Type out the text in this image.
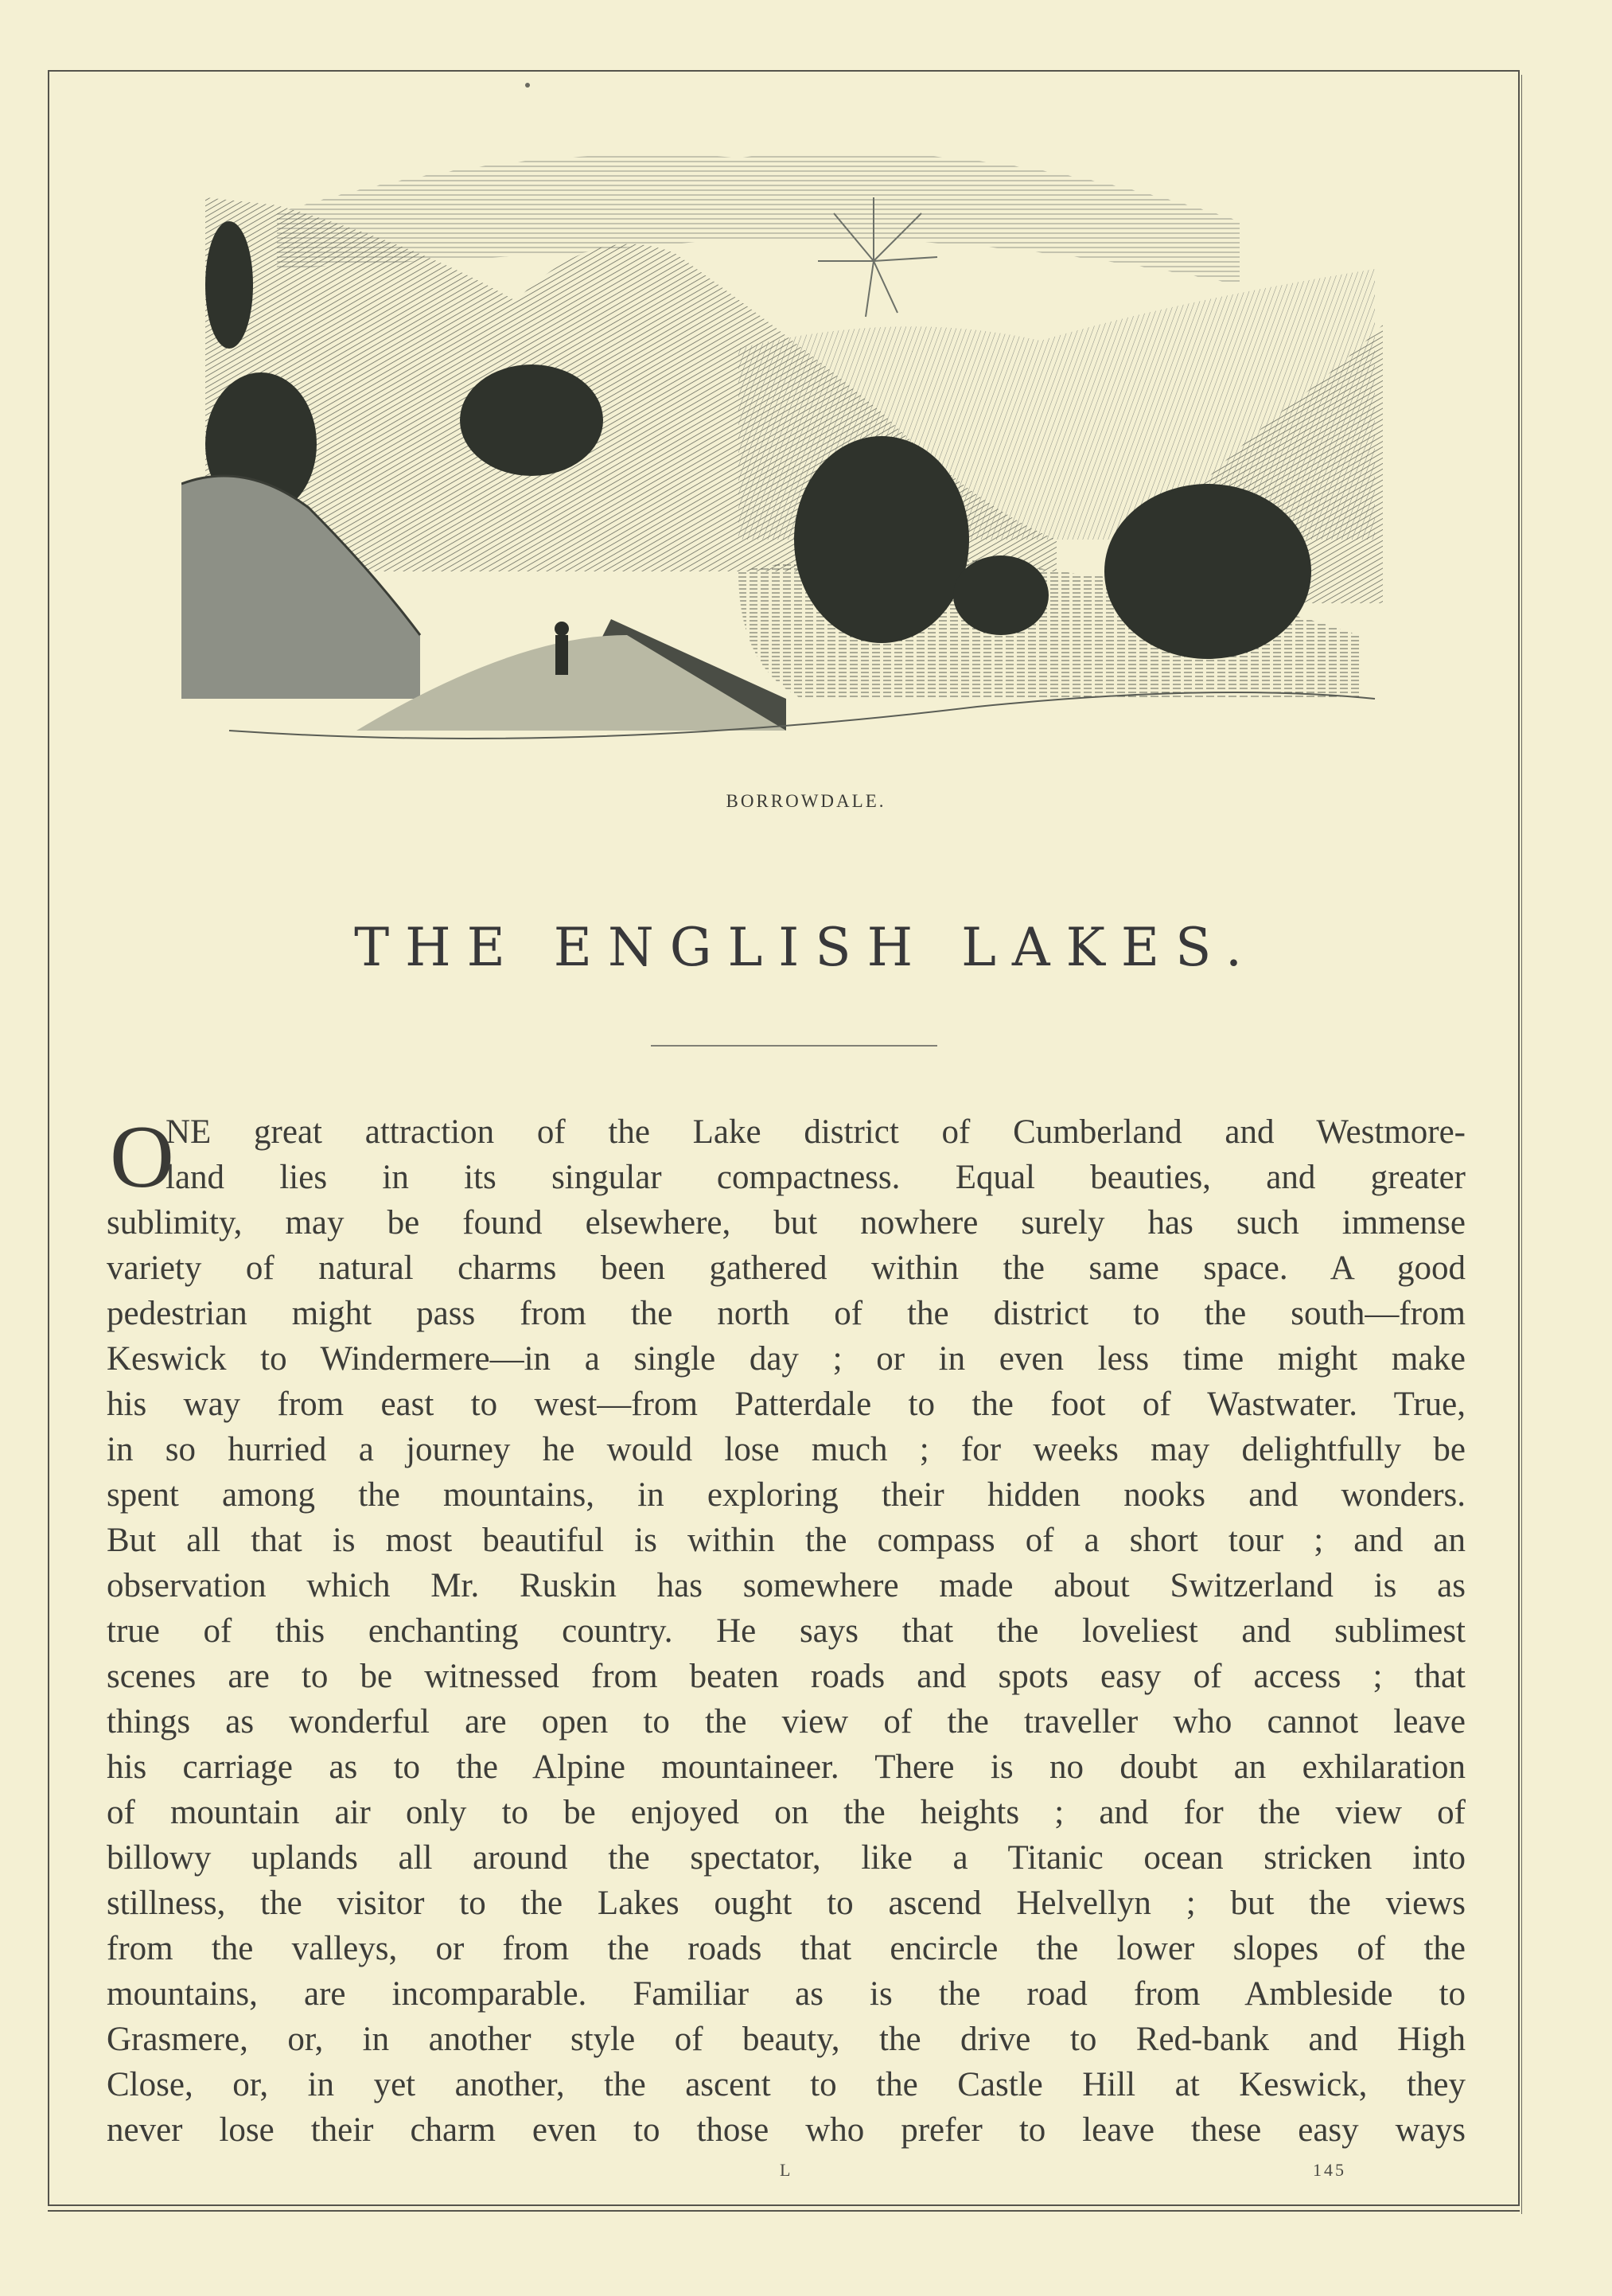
BORROWDALE.
THE ENGLISH LAKES.
O
NE great attraction of the Lake district of Cumberland and Westmore-
land lies in its singular compactness. Equal beauties, and greater
sublimity, may be found elsewhere, but nowhere surely has such immense
variety of natural charms been gathered within the same space. A good
pedestrian might pass from the north of the district to the south—from
Keswick to Windermere—in a single day ; or in even less time might make
his way from east to west—from Patterdale to the foot of Wastwater. True,
in so hurried a journey he would lose much ; for weeks may delightfully be
spent among the mountains, in exploring their hidden nooks and wonders.
But all that is most beautiful is within the compass of a short tour ; and an
observation which Mr. Ruskin has somewhere made about Switzerland is as
true of this enchanting country. He says that the loveliest and sublimest
scenes are to be witnessed from beaten roads and spots easy of access ; that
things as wonderful are open to the view of the traveller who cannot leave
his carriage as to the Alpine mountaineer. There is no doubt an exhilaration
of mountain air only to be enjoyed on the heights ; and for the view of
billowy uplands all around the spectator, like a Titanic ocean stricken into
stillness, the visitor to the Lakes ought to ascend Helvellyn ; but the views
from the valleys, or from the roads that encircle the lower slopes of the
mountains, are incomparable. Familiar as is the road from Ambleside to
Grasmere, or, in another style of beauty, the drive to Red-bank and High
Close, or, in yet another, the ascent to the Castle Hill at Keswick, they
never lose their charm even to those who prefer to leave these easy ways
L	145
